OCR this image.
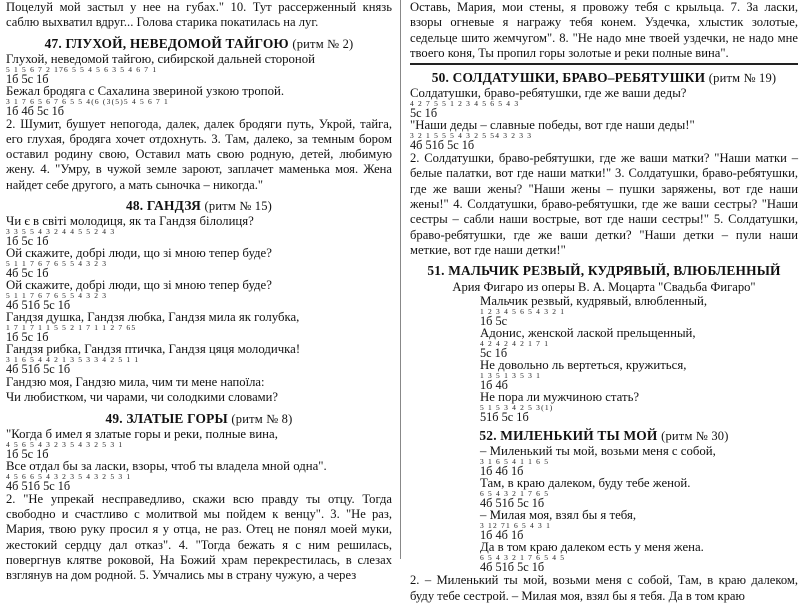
Поцелуй мой застыл у нее на губах." 10. Тут рассерженный князь саблю выхватил вдруг... Голова старика покатилась на луг.

47. ГЛУХОЙ, НЕВЕДОМОЙ ТАЙГОЮ (ритм № 2)
Глухой, неведомой тайгою, сибирской дальней стороной
5 1 5 6 7 2 176 5 5 4 5 6 3 5 4 6 7 1
1б 5с 1б
Бежал бродяга с Сахалина звериной узкою тропой.
3 1 7 6 5 6 7 6 5 5 4(6 (3(5)5 4 5 6 7 1
1б 4б 5с 1б

2. Шумит, бушует непогода, далек, далек бродяги путь, Укрой, тайга, его глухая, бродяга хочет отдохнуть. 3. Там, далеко, за темным бором оставил родину свою, Оставил мать свою родную, детей, любимую жену. 4. "Умру, в чужой земле зароют, заплачет маменька моя. Жена найдет себе другого, а мать сыночка – никогда."

48. ГАНДЗЯ (ритм № 15)
Чи є в світі молодиця, як та Гандзя білолиця?
3 3 5 5 4 3 2 4 4 5 5 2 4 3
1б 5с 1б
Ой скажите, добрі люди, що зі мною тепер буде?
5 1 1 7 6 7 6 5 5 4 3 2 3
4б 5с 1б
Ой скажите, добрі люди, що зі мною тепер буде?
5 1 1 7 6 7 6 5 5 4 3 2 3
4б 51б 5с 1б
Гандзя душка, Гандзя любка, Гандзя мила як голубка,
1 7 1 7 1 1 5 5 2 1 7 1 1 2 7 65
1б 5с 1б
Гандзя рибка, Гандзя птичка, Гандзя цяця молодичка!
3 1 6 5 4 4 2 1 3 5 3 3 4 2 5 1 1
4б 51б 5с 1б

Гандзю моя, Гандзю мила, чим ти мене напоїла:

Чи любистком, чи чарами, чи солодкими словами?

49. ЗЛАТЫЕ ГОРЫ (ритм № 8)
"Когда б имел я златые горы и реки, полные вина,
4 5 6 5 4 3 2 3 5 4 3 2 5 3 1
1б 5с 1б
Все отдал бы за ласки, взоры, чтоб ты владела мной одна".
4 5 6 6 5 4 3 2 3 5 4 3 2 5 3 1
4б 51б 5с 1б

2. "Не упрекай несправедливо, скажи всю правду ты отцу. Тогда свободно и счастливо с молитвой мы пойдем к венцу". 3. "Не раз, Мария, твою руку просил я у отца, не раз. Отец не понял моей муки, жестокий сердцу дал отказ". 4. "Тогда бежать я с ним решилась, повергнув клятве роковой, На Божий храм перекрестилась, в слезах взглянув на дом родной. 5. Умчались мы в страну чужую, а через

Оставь, Мария, мои стены, я провожу тебя с крыльца. 7. За ласки, взоры огневые я награжу тебя конем. Уздечка, хлыстик золотые, седельце шито жемчугом". 8. "Не надо мне твоей уздечки, не надо мне твоего коня, Ты пропил горы золотые и реки полные вина".

50. СОЛДАТУШКИ, БРАВО–РЕБЯТУШКИ (ритм № 19)
Солдатушки, браво-ребятушки, где же ваши деды?
4 2 7 5 5 1 2 3 4 5 6 5 4 3
5с 1б
"Наши деды – славные победы, вот где наши деды!"
3 2 1 5 5 5 4 3 2 5 54 3 2 3 3
4б 51б 5с 1б

2. Солдатушки, браво-ребятушки, где же ваши матки? "Наши матки – белые палатки, вот где наши матки!" 3. Солдатушки, браво-ребятушки, где же ваши жены? "Наши жены – пушки заряжены, вот где наши жены!" 4. Солдатушки, браво-ребятушки, где же ваши сестры? "Наши сестры – сабли наши вострые, вот где наши сестры!" 5. Солдатушки, браво-ребятушки, где же ваши детки? "Наши детки – пули наши меткие, вот где наши детки!"

51. МАЛЬЧИК РЕЗВЫЙ, КУДРЯВЫЙ, ВЛЮБЛЕННЫЙ

Ария Фигаро из оперы В. А. Моцарта "Свадьба Фигаро"

Мальчик резвый, кудрявый, влюбленный,
1 2 3 4 5 6 5 4 3 2 1
1б 5с
Адонис, женской лаской прельщенный,
4 2 4 2 4 2 1 7 1
5с 1б
Не довольно ль вертеться, кружиться,
1 3 5 1 3 5 3 1
1б 4б
Не пора ли мужчиною стать?
5 1 5 3 4 2 5 3(1)
51б 5с 1б
52. МИЛЕНЬКИЙ ТЫ МОЙ (ритм № 30)
– Миленький ты мой, возьми меня с собой,
3 1 6 5 4 1 1 6 5
1б 4б 1б
Там, в краю далеком, буду тебе женой.
6 5 4 3 2 1 7 6 5
4б 51б 5с 1б
– Милая моя, взял бы я тебя,
3 12 71 6 5 4 3 1
1б 4б 1б
Да в том краю далеком есть у меня жена.
6 5 4 3 2 1 7 6 5 4 5
4б 51б 5с 1б

2. – Миленький ты мой, возьми меня с собой, Там, в краю далеком, буду тебе сестрой. – Милая моя, взял бы я тебя. Да в том краю
